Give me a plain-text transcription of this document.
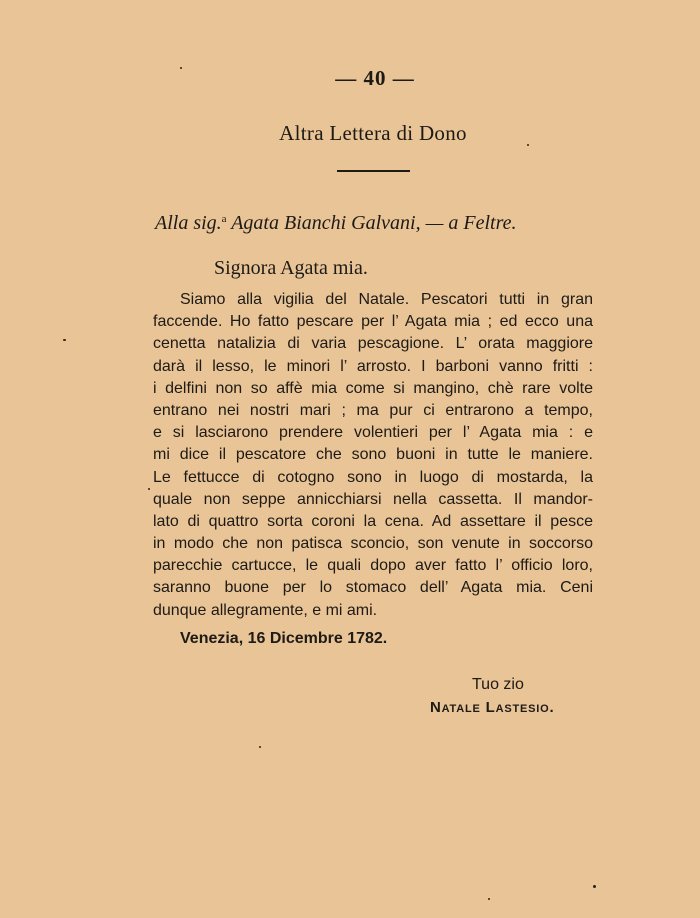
— 40 —
Altra Lettera di Dono
Alla sig.$^a$ Agata Bianchi Galvani, — a Feltre.
Signora Agata mia.
Siamo alla vigilia del Natale. Pescatori tutti in gran
faccende. Ho fatto pescare per l’ Agata mia ; ed ecco una
cenetta natalizia di varia pescagione. L’ orata maggiore
darà il lesso, le minori l’ arrosto. I barboni vanno fritti :
i delfini non so affè mia come si mangino, chè rare volte
entrano nei nostri mari ; ma pur ci entrarono a tempo,
e si lasciarono prendere volentieri per l’ Agata mia : e
mi dice il pescatore che sono buoni in tutte le maniere.
Le fettucce di cotogno sono in luogo di mostarda, la
quale non seppe annicchiarsi nella cassetta. Il mandor-
lato di quattro sorta coroni la cena. Ad assettare il pesce
in modo che non patisca sconcio, son venute in soccorso
parecchie cartucce, le quali dopo aver fatto l’ officio loro,
saranno buone per lo stomaco dell’ Agata mia. Ceni
dunque allegramente, e mi ami.
Venezia, 16 Dicembre 1782.
Tuo zio
Natale Lastesio.
